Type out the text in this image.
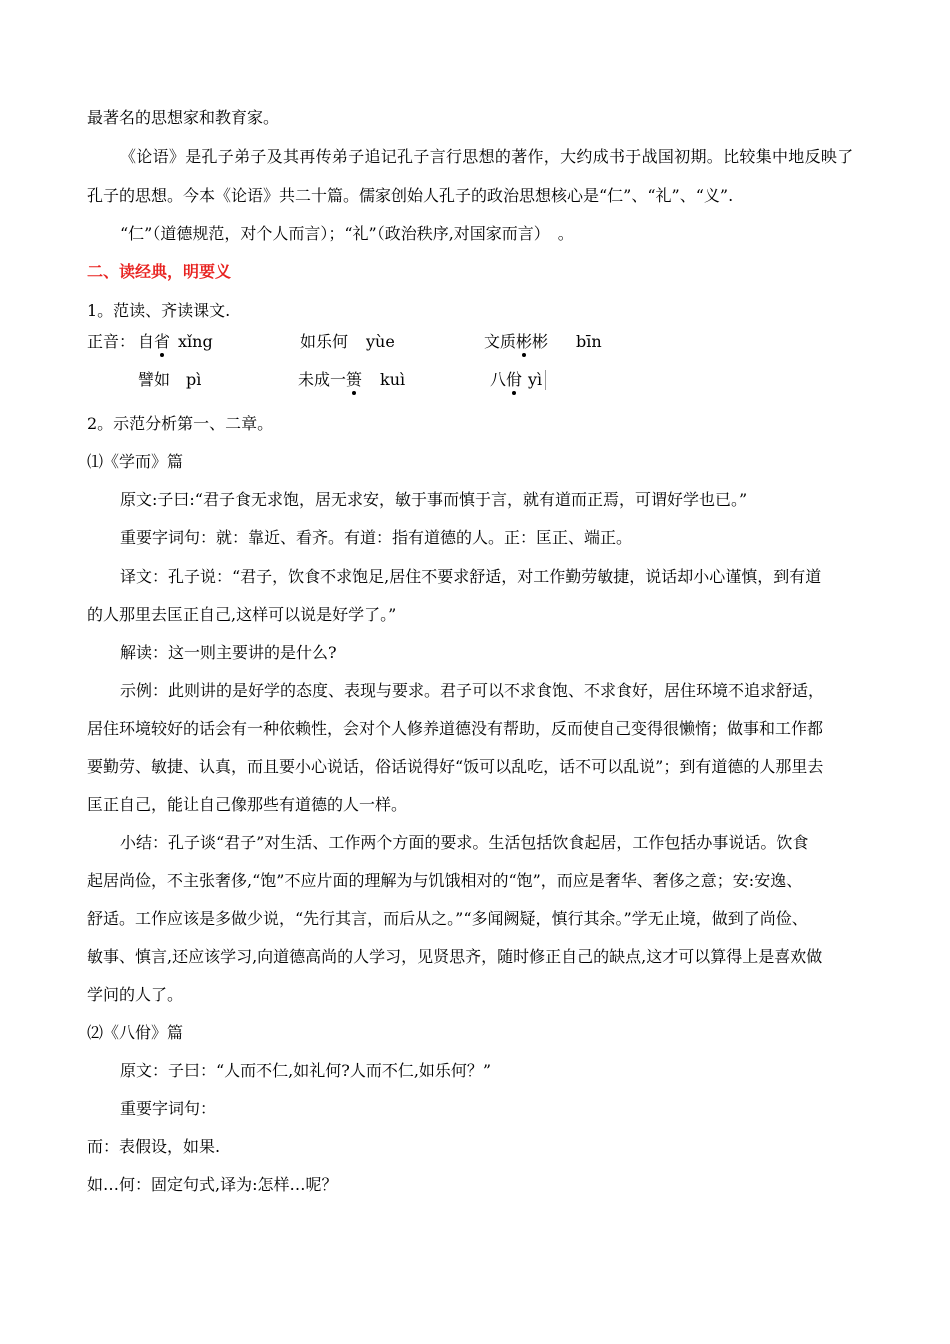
最著名的思想家和教育家。
《论语》是孔子弟子及其再传弟子追记孔子言行思想的著作，大约成书于战国初期。比较集中地反映了
孔子的思想。今本《论语》共二十篇。儒家创始人孔子的政治思想核心是“仁”、“礼”、“义”.
“仁”（道德规范，对个人而言）；“礼”（政治秩序,对国家而言）　。
二、读经典，明要义
1。范读、齐读课文.
正音： 自省 xǐng	如乐何 yùe	文质彬彬 bīn
譬如 pì	未成一篑 kuì	八佾 yì
2。示范分析第一、二章。
⑴《学而》篇
原文:子曰:“君子食无求饱，居无求安，敏于事而慎于言，就有道而正焉，可谓好学也已。”
重要字词句：就：靠近、看齐。有道：指有道德的人。正：匡正、端正。
译文：孔子说：“君子，饮食不求饱足,居住不要求舒适，对工作勤劳敏捷，说话却小心谨慎，到有道
的人那里去匡正自己,这样可以说是好学了。”
解读：这一则主要讲的是什么?
示例：此则讲的是好学的态度、表现与要求。君子可以不求食饱、不求食好，居住环境不追求舒适，
居住环境较好的话会有一种依赖性，会对个人修养道德没有帮助，反而使自己变得很懒惰；做事和工作都
要勤劳、敏捷、认真，而且要小心说话，俗话说得好“饭可以乱吃，话不可以乱说”；到有道德的人那里去
匡正自己，能让自己像那些有道德的人一样。
小结：孔子谈“君子”对生活、工作两个方面的要求。生活包括饮食起居，工作包括办事说话。饮食
起居尚俭，不主张奢侈,“饱”不应片面的理解为与饥饿相对的“饱”，而应是奢华、奢侈之意；安:安逸、
舒适。工作应该是多做少说，“先行其言，而后从之。”“多闻阙疑，慎行其余。”学无止境，做到了尚俭、
敏事、慎言,还应该学习,向道德高尚的人学习，见贤思齐，随时修正自己的缺点,这才可以算得上是喜欢做
学问的人了。
⑵《八佾》篇
原文：子曰：“人而不仁,如礼何?人而不仁,如乐何？”
重要字词句：
而：表假设，如果.
如…何：固定句式,译为:怎样…呢？
